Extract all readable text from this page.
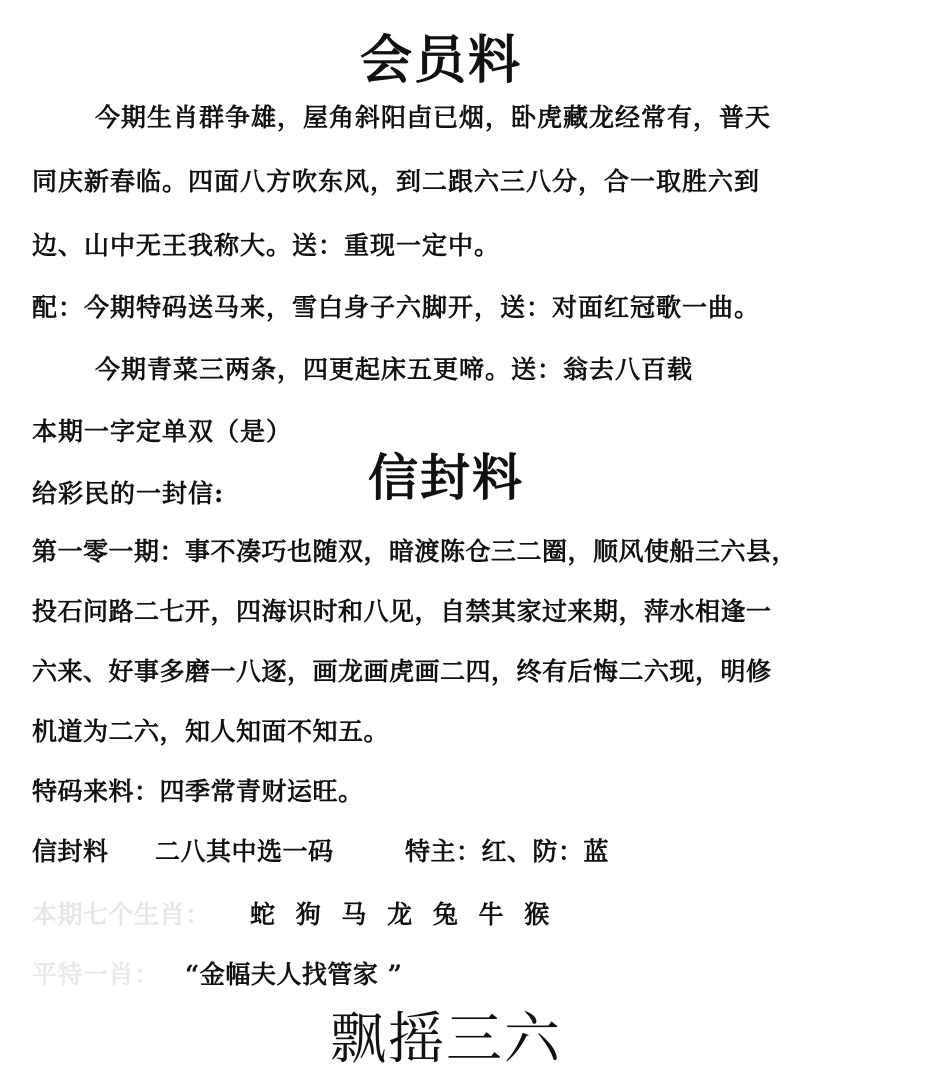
会员料
今期生肖群争雄，屋角斜阳卣已烟，卧虎藏龙经常有，普天
同庆新春临。四面八方吹东风，到二跟六三八分，合一取胜六到
边、山中无王我称大。送：重现一定中。
配：今期特码送马来，雪白身子六脚开，送：对面红冠歌一曲。
今期青菜三两条，四更起床五更啼。送：翁去八百载
本期一字定单双（是）
给彩民的一封信:	信封料
第一零一期：事不凑巧也随双，暗渡陈仓三二圈，顺风使船三六县，
投石问路二七开，四海识时和八见，自禁其家过来期，萍水相逢一
六来、好事多磨一八逐，画龙画虎画二四，终有后悔二六现，明修
机道为二六，知人知面不知五。
特码来料：四季常青财运旺。
信封料 二八其中选一码	特主：红、防：蓝
本期七个生肖： 蛇 狗 马 龙 兔 牛 猴
平特一肖： “金幅夫人找管家 ”
飘摇三六
